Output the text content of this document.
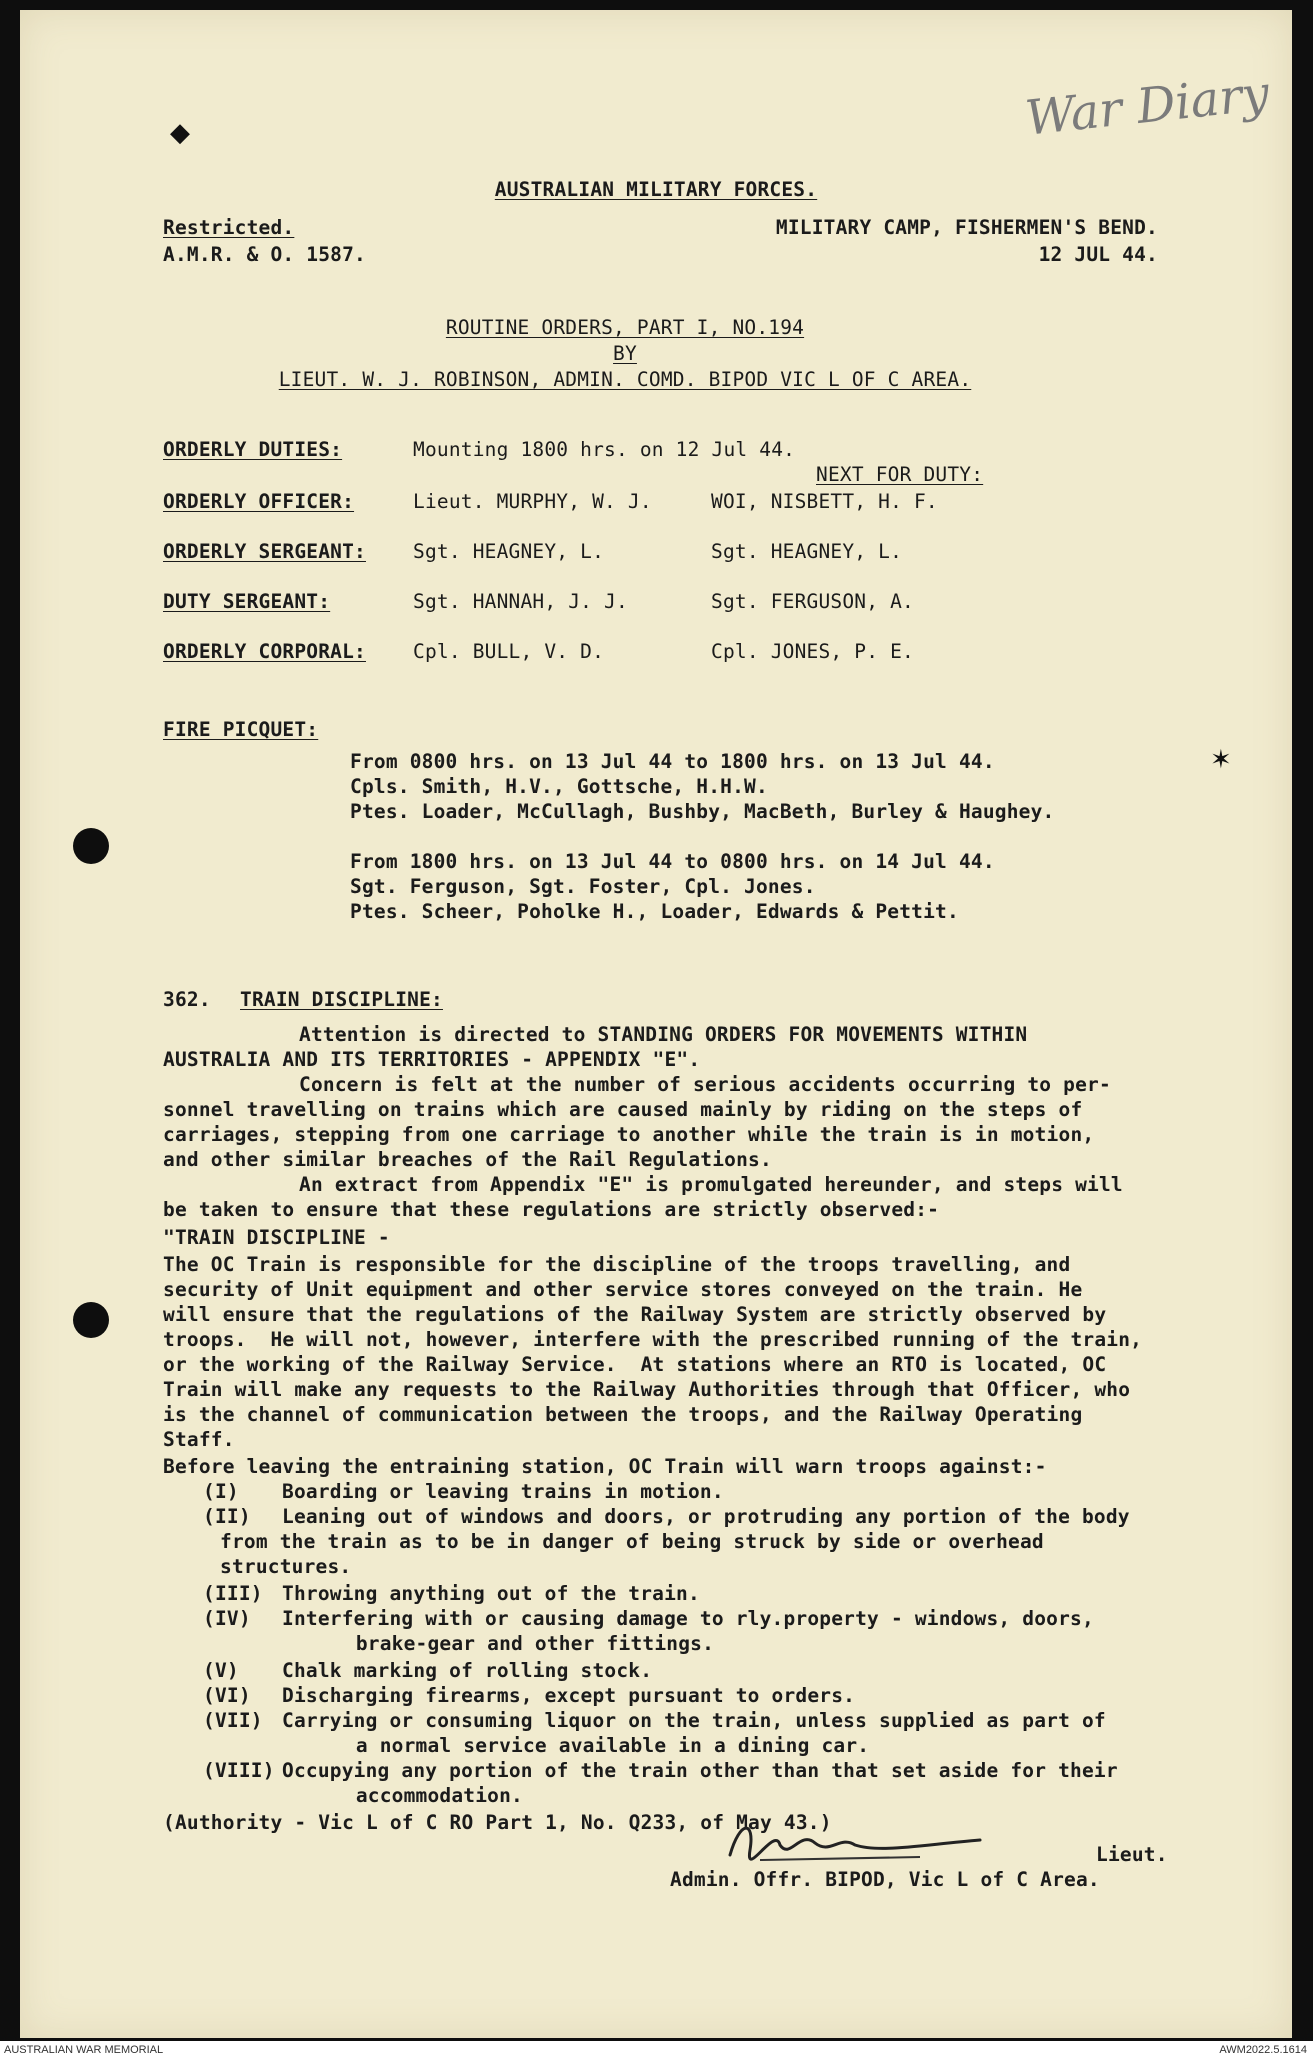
War Diary
◆
AUSTRALIAN MILITARY FORCES.
Restricted.
A.M.R. & O. 1587.
MILITARY CAMP, FISHERMEN'S BEND.
12 JUL 44.
ROUTINE ORDERS, PART I, NO.194
BY
LIEUT. W. J. ROBINSON, ADMIN. COMD. BIPOD VIC L OF C AREA.
ORDERLY DUTIES:	Mounting 1800 hrs. on 12 Jul 44.
NEXT FOR DUTY:
ORDERLY OFFICER:	Lieut. MURPHY, W. J.	WOI, NISBETT, H. F.
ORDERLY SERGEANT: Sgt. HEAGNEY, L.	Sgt. HEAGNEY, L.
DUTY SERGEANT:	Sgt. HANNAH, J. J.	Sgt. FERGUSON, A.
ORDERLY CORPORAL: Cpl. BULL, V. D.	Cpl. JONES, P. E.
FIRE PICQUET:
From 0800 hrs. on 13 Jul 44 to 1800 hrs. on 13 Jul 44.
Cpls. Smith, H.V., Gottsche, H.H.W.
Ptes. Loader, McCullagh, Bushby, MacBeth, Burley & Haughey.
From 1800 hrs. on 13 Jul 44 to 0800 hrs. on 14 Jul 44.
Sgt. Ferguson, Sgt. Foster, Cpl. Jones.
Ptes. Scheer, Poholke H., Loader, Edwards & Pettit.
✶
362. TRAIN DISCIPLINE:
Attention is directed to STANDING ORDERS FOR MOVEMENTS WITHIN
AUSTRALIA AND ITS TERRITORIES - APPENDIX "E".
Concern is felt at the number of serious accidents occurring to per-
sonnel travelling on trains which are caused mainly by riding on the steps of
carriages, stepping from one carriage to another while the train is in motion,
and other similar breaches of the Rail Regulations.
An extract from Appendix "E" is promulgated hereunder, and steps will
be taken to ensure that these regulations are strictly observed:-
"TRAIN DISCIPLINE -
The OC Train is responsible for the discipline of the troops travelling, and
security of Unit equipment and other service stores conveyed on the train. He
will ensure that the regulations of the Railway System are strictly observed by
troops.  He will not, however, interfere with the prescribed running of the train,
or the working of the Railway Service.  At stations where an RTO is located, OC
Train will make any requests to the Railway Authorities through that Officer, who
is the channel of communication between the troops, and the Railway Operating
Staff.
Before leaving the entraining station, OC Train will warn troops against:-
(I) Boarding or leaving trains in motion.
(II) Leaning out of windows and doors, or protruding any portion of the body
from the train as to be in danger of being struck by side or overhead
structures.
(III) Throwing anything out of the train.
(IV) Interfering with or causing damage to rly.property - windows, doors,
brake-gear and other fittings.
(V) Chalk marking of rolling stock.
(VI) Discharging firearms, except pursuant to orders.
(VII) Carrying or consuming liquor on the train, unless supplied as part of
a normal service available in a dining car.
(VIII) Occupying any portion of the train other than that set aside for their
accommodation.
(Authority - Vic L of C RO Part 1, No. Q233, of May 43.)
Lieut.
Admin. Offr. BIPOD, Vic L of C Area.
AUSTRALIAN WAR MEMORIAL	AWM2022.5.1614
